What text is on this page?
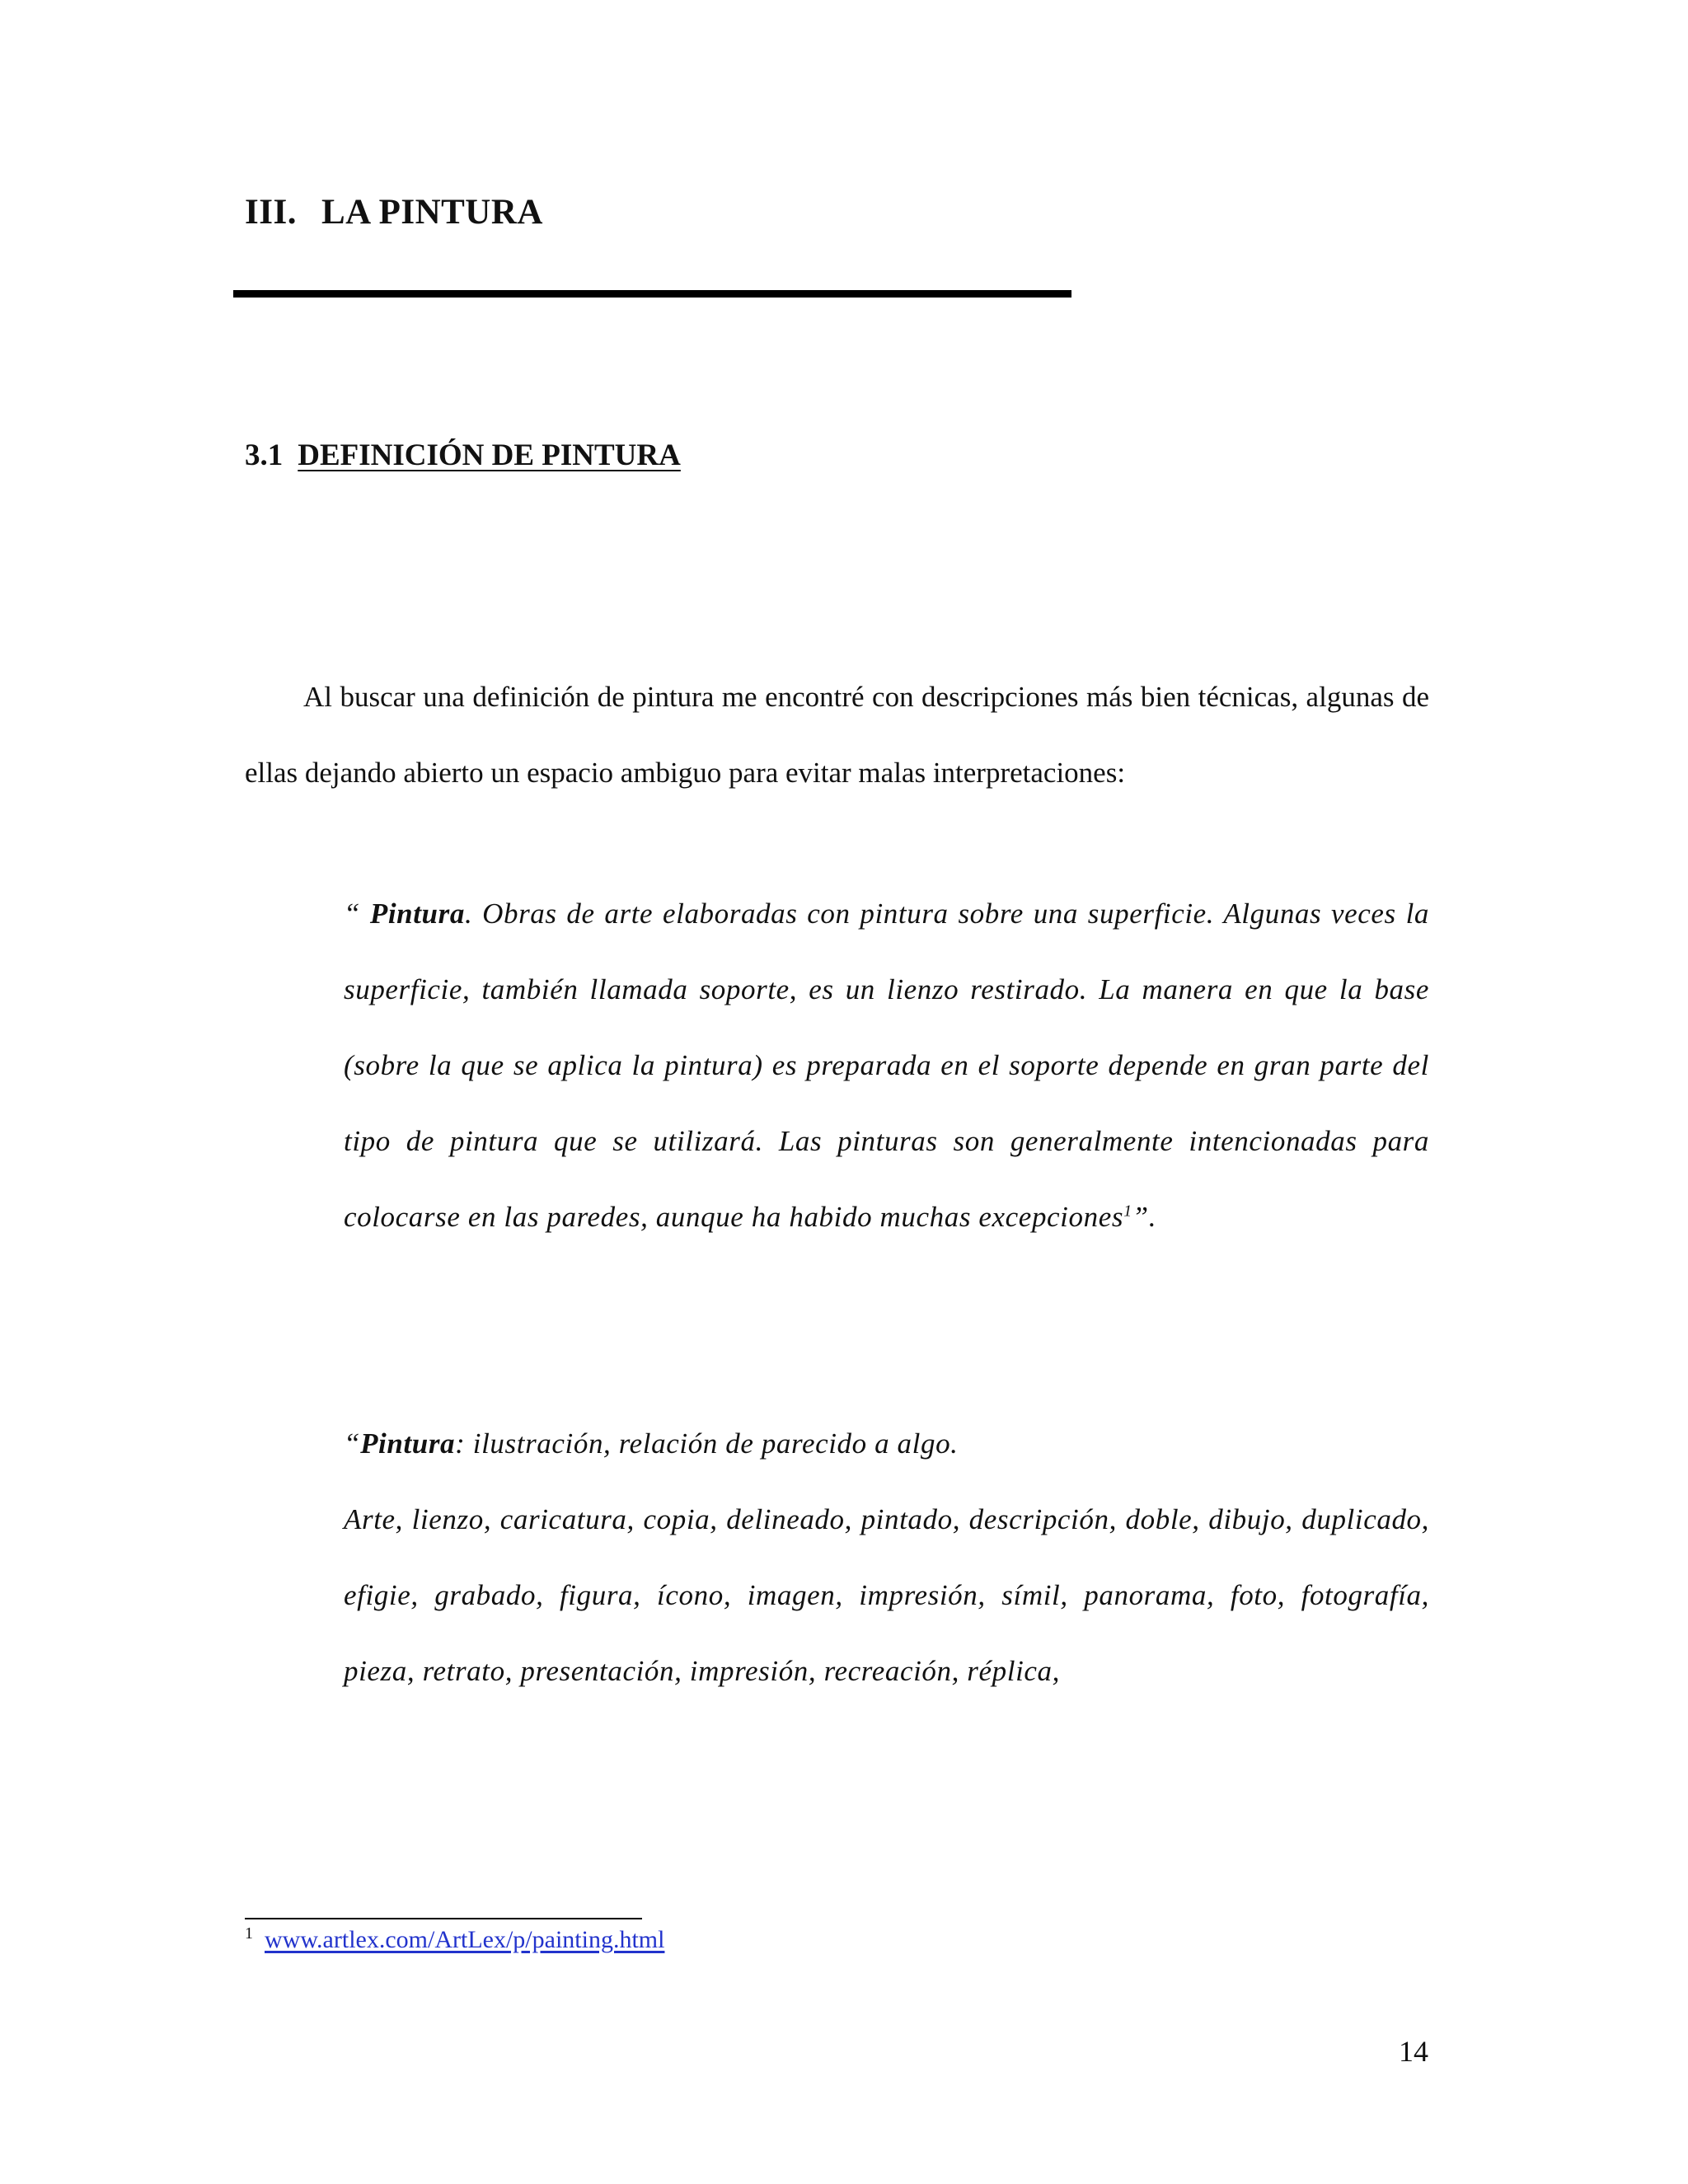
III. LA PINTURA
3.1 DEFINICIÓN DE PINTURA

Al buscar una definición de pintura me encontré con descripciones más bien técnicas, algunas de ellas dejando abierto un espacio ambiguo para evitar malas interpretaciones:

“ Pintura. Obras de arte elaboradas con pintura sobre una superficie. Algunas veces la superficie, también llamada soporte, es un lienzo restirado. La manera en que la base (sobre la que se aplica la pintura) es preparada en el soporte depende en gran parte del tipo de pintura que se utilizará. Las pinturas son generalmente intencionadas para colocarse en las paredes, aunque ha habido muchas excepciones$^1$”.

“Pintura: ilustración, relación de parecido a algo.
Arte, lienzo, caricatura, copia, delineado, pintado, descripción, doble, dibujo, duplicado, efigie, grabado, figura, ícono, imagen, impresión, símil, panorama, foto, fotografía, pieza, retrato, presentación, impresión, recreación, réplica,

$^1$ www.artlex.com/ArtLex/p/painting.html

14
